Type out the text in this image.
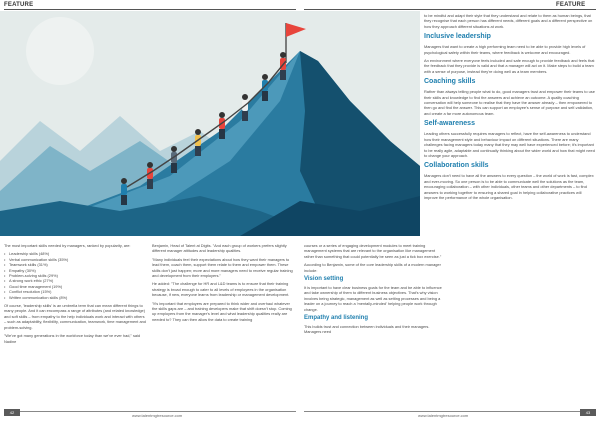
FEATURE

The most important skills needed by managers, ranked by popularity, are:

• Leadership skills (48%)
• Verbal communication skills (35%)
• Teamwork skills (31%)
• Empathy (30%)
• Problem-solving skills (29%)
• A strong work ethic (27%)
• Good time management (19%)
• Conflict resolution (15%)
• Written communication skills (8%)

Of course, 'leadership skills' is an umbrella term that can mean different things to many people. And it can encompass a range of attributes (and related knowledge) and soft skills – from empathy to the help individuals work and interact with others – such as adaptability, flexibility, communication, teamwork, time management and problem-solving.

"We've got many generations in the workforce today than we've ever had," said Nadine

Benjamin, Head of Talent at Digits. "And each group of workers prefers slightly different manager attitudes and leadership qualities.

"Many individuals feel their expectations about how they want their managers to lead them, coach them, support them relate to them and empower them. These skills don't just happen; more and more managers need to receive regular training and development from their employers."

He added: "The challenge for HR and L&D teams is to ensure that their training strategy is broad enough to cater to all levels of employees in the organisation because, if new, everyone learns from leadership or management development.

"It's important that employers are prepared to think wider and overhaul whatever the skills gaps are – and training developers make that shift doesn't stop. Coming up employers from the manager's level and what leadership qualities really are needed to? They can then allow the data to create training

42
www.talentmgtresource.com
FEATURE

courses or a series of engaging development modules to meet training management systems that are relevant to the organisation like management rather than something that could potentially be seen as just a tick box exercise."

According to Benjamin, some of the core leadership skills of a modern manager include:

Vision setting

It is important to have clear business goals for the team and be able to influence and take ownership of them to different business objectives. That's why vision involves being strategic, management as well as setting processes and being a leader on a journey to reach a 'mentally-minded' helping people work through change.

Empathy and listening

This builds trust and connection between individuals and their managers. Managers need

to be mindful and adapt their style that they understand and relate to them as human beings, that they recognise that each person has different needs, different goals and a different perspective on how they approach different situations at work.

Inclusive leadership

Managers that want to create a high performing team need to be able to provide high levels of psychological safety within their teams, where feedback is welcome and encouraged.

An environment where everyone feels included and safe enough to provide feedback and feels that the feedback that they provide is valid and that a manager will act on it. Make steps to build a team with a sense of purpose, instead they're doing well as a team members.

Coaching skills

Rather than always telling people what to do, good managers trust and empower their teams to use their skills and knowledge to find the answers and achieve an outcome. A quality coaching conversation will help someone to realise that they have the answer already – then empowered to then go and find the answer. This can support an employee's sense of purpose and self-validation, and create a far more autonomous team.

Self-awareness

Leading others successfully requires managers to reflect, have the self-awareness to understand how their management style and behaviour impact on different situations. There are many challenges facing managers today many that they may well have experienced before; it's important to be really agile, adaptable and continually thinking about the wider world and how that might need to change your approach.

Collaboration skills

Managers don't need to have all the answers to every question – the world of work is fast, complex and ever-moving. So one person is to be able to communicate well the solutions as the team, encouraging collaboration – with other individuals, other teams and other departments – to find answers to working together to ensuring a shared goal in helping collaborative practices will improve the performance of the whole organisation.

www.talentmgtresource.com
43
